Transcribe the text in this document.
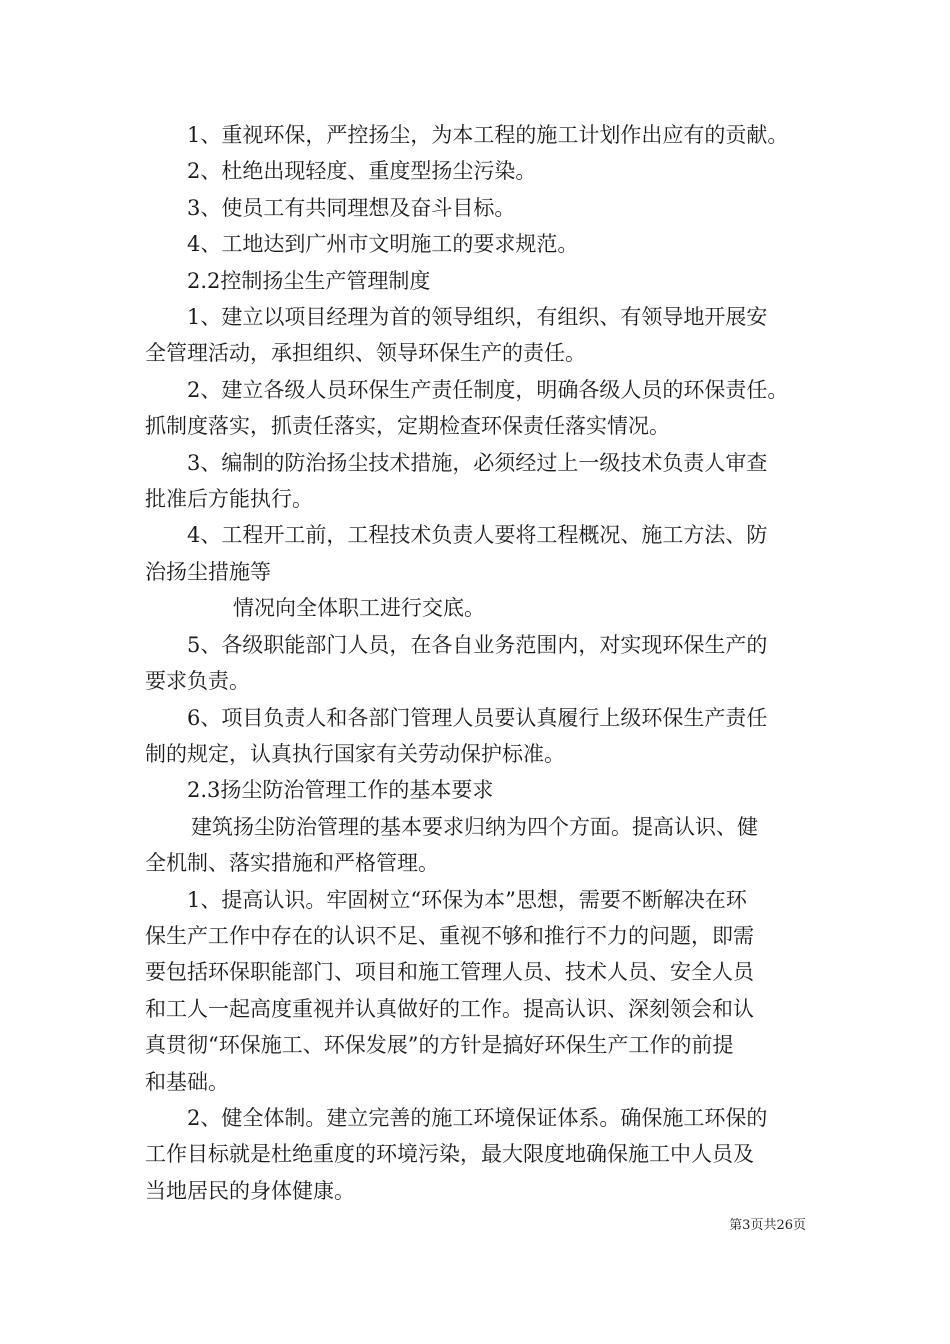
1、重视环保，严控扬尘，为本工程的施工计划作出应有的贡献。

2、杜绝出现轻度、重度型扬尘污染。

3、使员工有共同理想及奋斗目标。

4、工地达到广州市文明施工的要求规范。

2.2控制扬尘生产管理制度

1、建立以项目经理为首的领导组织，有组织、有领导地开展安

全管理活动，承担组织、领导环保生产的责任。

2、建立各级人员环保生产责任制度，明确各级人员的环保责任。

抓制度落实，抓责任落实，定期检查环保责任落实情况。

3、编制的防治扬尘技术措施，必须经过上一级技术负责人审查

批准后方能执行。

4、工程开工前，工程技术负责人要将工程概况、施工方法、防

治扬尘措施等

情况向全体职工进行交底。

5、各级职能部门人员，在各自业务范围内，对实现环保生产的

要求负责。

6、项目负责人和各部门管理人员要认真履行上级环保生产责任

制的规定，认真执行国家有关劳动保护标准。

2.3扬尘防治管理工作的基本要求

建筑扬尘防治管理的基本要求归纳为四个方面。提高认识、健

全机制、落实措施和严格管理。

1、提高认识。牢固树立“环保为本”思想，需要不断解决在环

保生产工作中存在的认识不足、重视不够和推行不力的问题，即需

要包括环保职能部门、项目和施工管理人员、技术人员、安全人员

和工人一起高度重视并认真做好的工作。提高认识、深刻领会和认

真贯彻“环保施工、环保发展”的方针是搞好环保生产工作的前提

和基础。

2、健全体制。建立完善的施工环境保证体系。确保施工环保的

工作目标就是杜绝重度的环境污染，最大限度地确保施工中人员及

当地居民的身体健康。

第3页共26页
